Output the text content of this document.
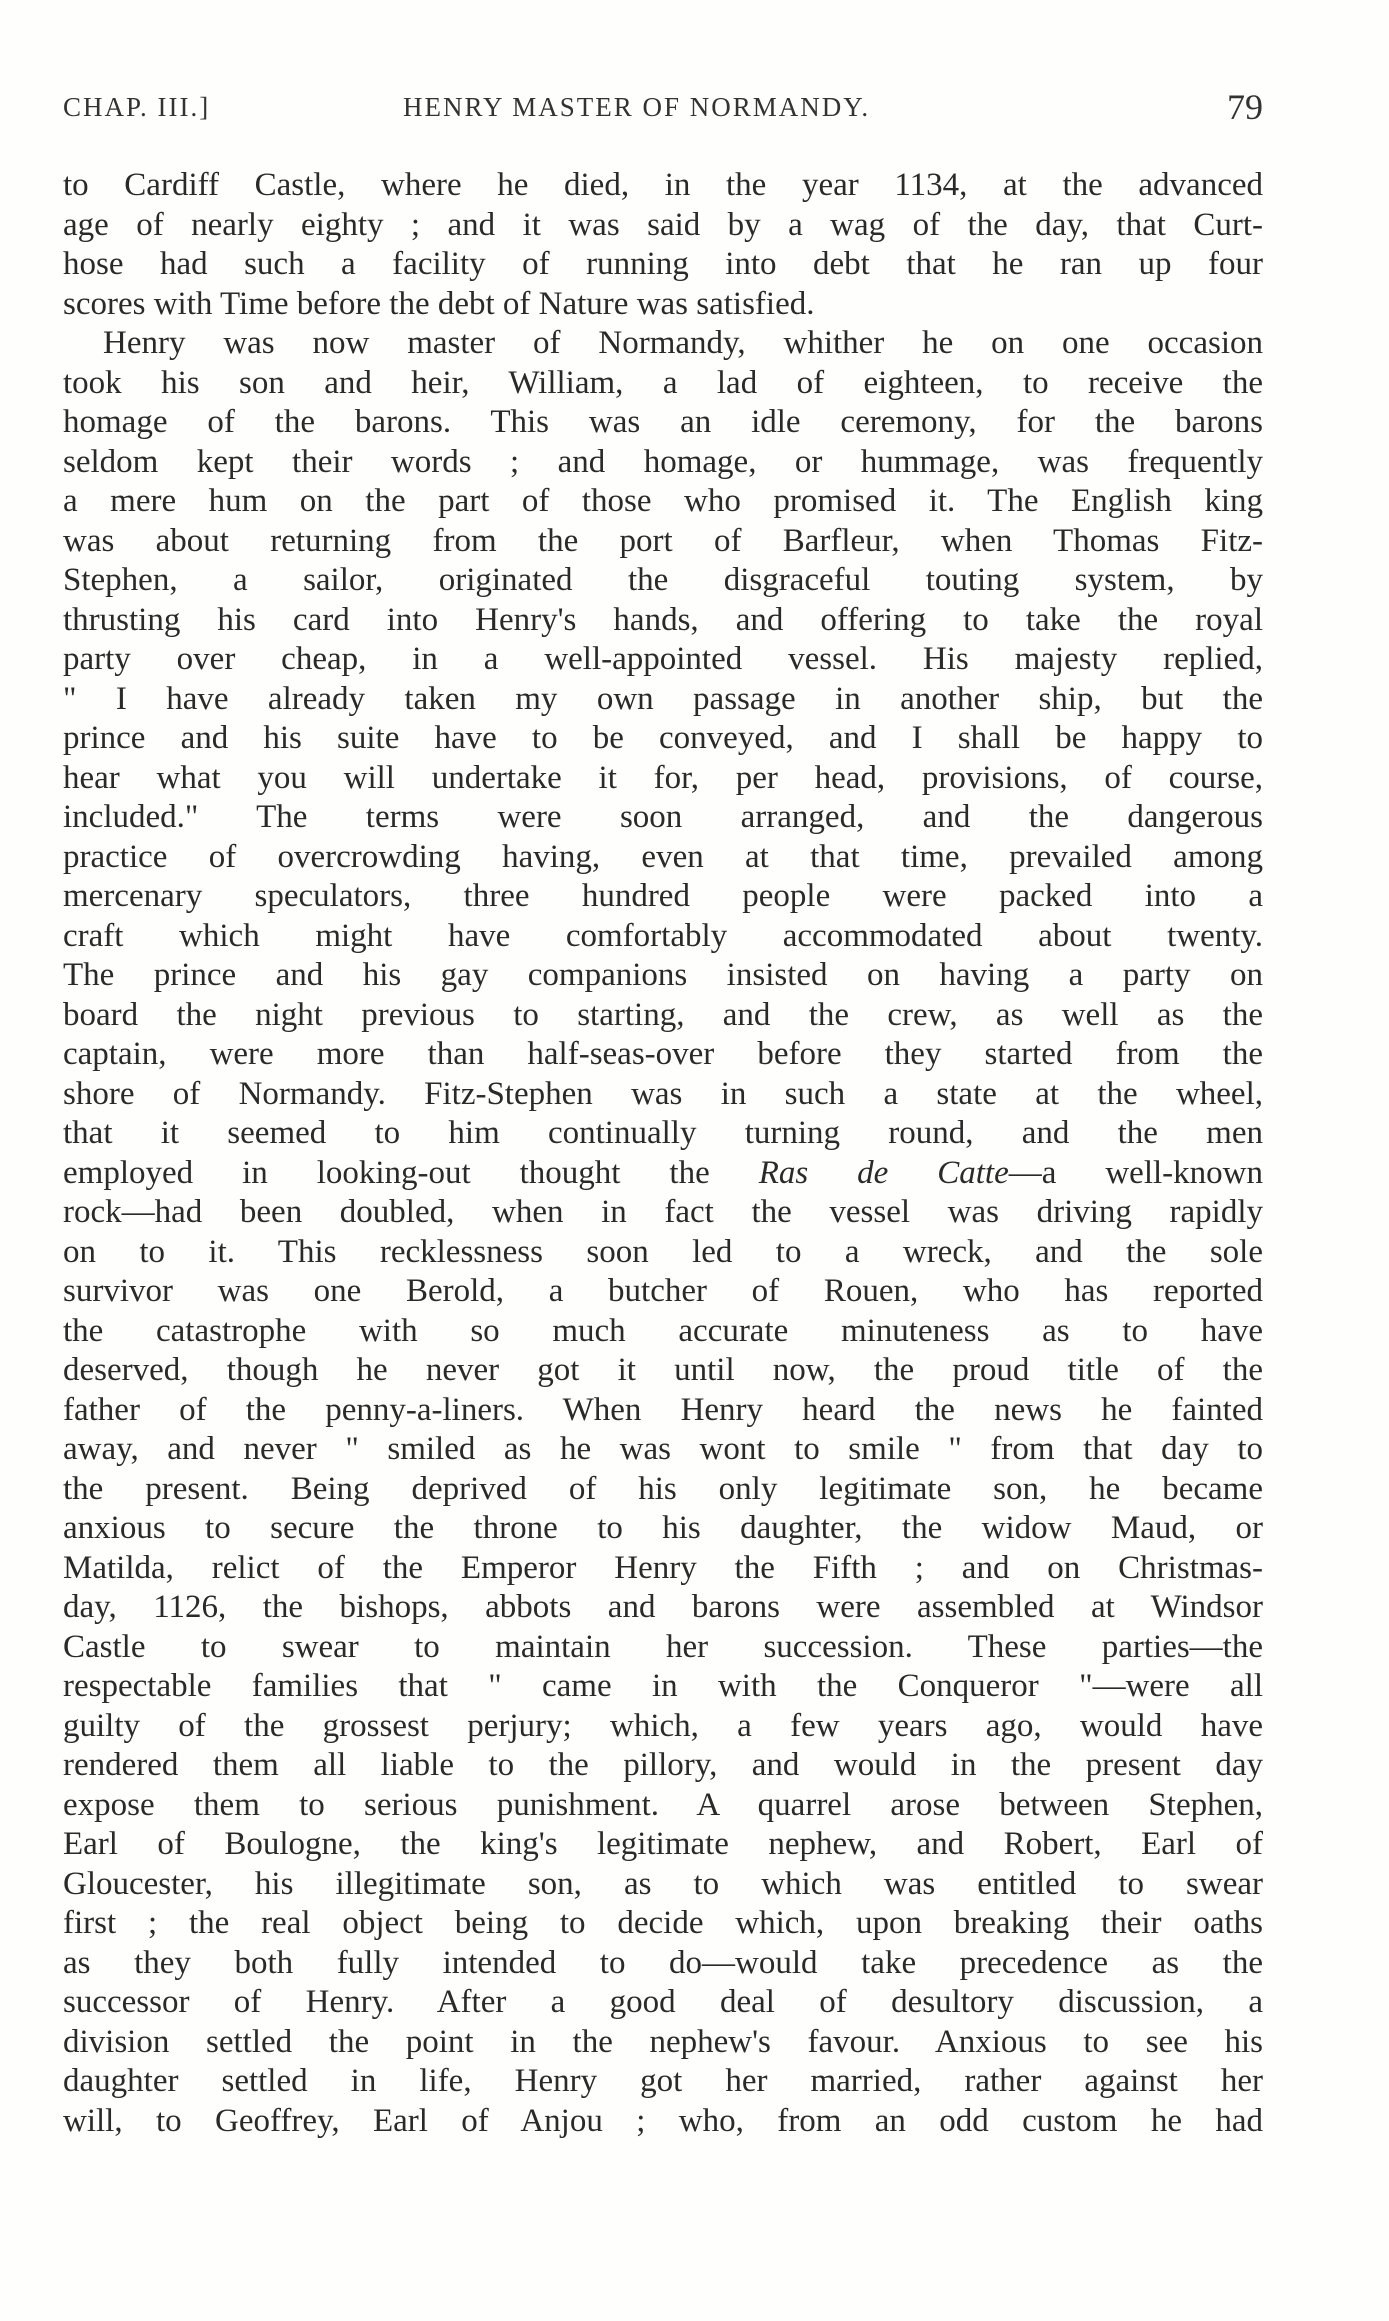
CHAP. III.]	HENRY MASTER OF NORMANDY.	79
to Cardiff Castle, where he died, in the year 1134, at the advanced
age of nearly eighty ; and it was said by a wag of the day, that Curt-
hose had such a facility of running into debt that he ran up four
scores with Time before the debt of Nature was satisfied.
Henry was now master of Normandy, whither he on one occasion
took his son and heir, William, a lad of eighteen, to receive the
homage of the barons. This was an idle ceremony, for the barons
seldom kept their words ; and homage, or hummage, was frequently
a mere hum on the part of those who promised it. The English king
was about returning from the port of Barfleur, when Thomas Fitz-
Stephen, a sailor, originated the disgraceful touting system, by
thrusting his card into Henry's hands, and offering to take the royal
party over cheap, in a well-appointed vessel. His majesty replied,
" I have already taken my own passage in another ship, but the
prince and his suite have to be conveyed, and I shall be happy to
hear what you will undertake it for, per head, provisions, of course,
included." The terms were soon arranged, and the dangerous
practice of overcrowding having, even at that time, prevailed among
mercenary speculators, three hundred people were packed into a
craft which might have comfortably accommodated about twenty.
The prince and his gay companions insisted on having a party on
board the night previous to starting, and the crew, as well as the
captain, were more than half-seas-over before they started from the
shore of Normandy. Fitz-Stephen was in such a state at the wheel,
that it seemed to him continually turning round, and the men
employed in looking-out thought the Ras de Catte—a well-known
rock—had been doubled, when in fact the vessel was driving rapidly
on to it. This recklessness soon led to a wreck, and the sole
survivor was one Berold, a butcher of Rouen, who has reported
the catastrophe with so much accurate minuteness as to have
deserved, though he never got it until now, the proud title of the
father of the penny-a-liners. When Henry heard the news he fainted
away, and never " smiled as he was wont to smile " from that day to
the present. Being deprived of his only legitimate son, he became
anxious to secure the throne to his daughter, the widow Maud, or
Matilda, relict of the Emperor Henry the Fifth ; and on Christmas-
day, 1126, the bishops, abbots and barons were assembled at Windsor
Castle to swear to maintain her succession. These parties—the
respectable families that " came in with the Conqueror "—were all
guilty of the grossest perjury; which, a few years ago, would have
rendered them all liable to the pillory, and would in the present day
expose them to serious punishment. A quarrel arose between Stephen,
Earl of Boulogne, the king's legitimate nephew, and Robert, Earl of
Gloucester, his illegitimate son, as to which was entitled to swear
first ; the real object being to decide which, upon breaking their oaths
as they both fully intended to do—would take precedence as the
successor of Henry. After a good deal of desultory discussion, a
division settled the point in the nephew's favour. Anxious to see his
daughter settled in life, Henry got her married, rather against her
will, to Geoffrey, Earl of Anjou ; who, from an odd custom he had
